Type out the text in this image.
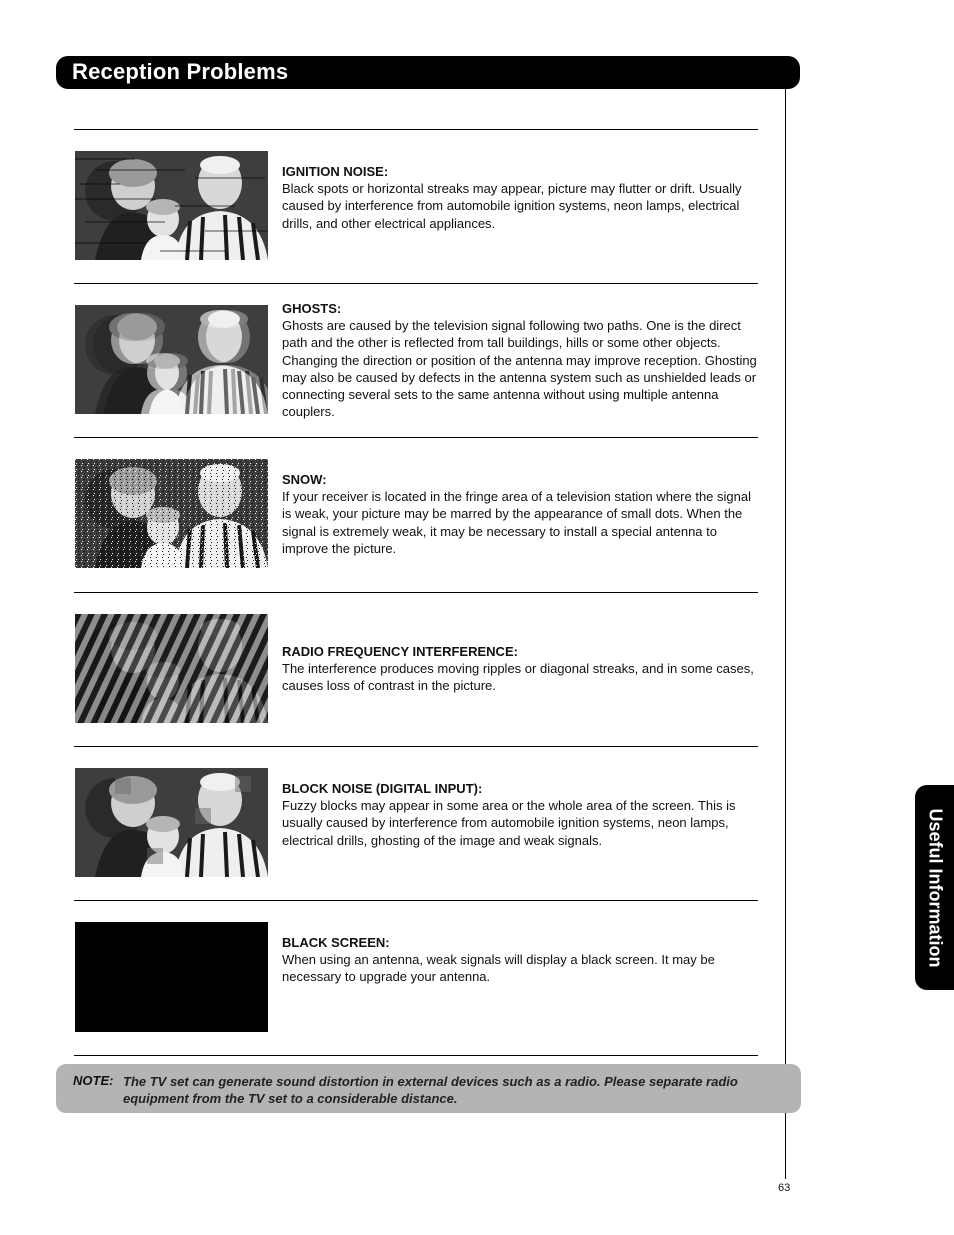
Reception Problems
Useful Information
IGNITION NOISE:
Black spots or horizontal streaks may appear, picture may flutter or drift. Usually caused by interference from automobile ignition systems, neon lamps, electrical drills, and other electrical appliances.
GHOSTS:
Ghosts are caused by the television signal following two paths. One is the direct path and the other is reflected from tall buildings, hills or some other objects. Changing the direction or position of the antenna may improve reception. Ghosting may also be caused by defects in the antenna system such as unshielded leads or connecting several sets to the same antenna without using multiple antenna couplers.
SNOW:
If your receiver is located in the fringe area of a television station where the signal is weak, your picture may be marred by the appearance of small dots. When the signal is extremely weak, it may be necessary to install a special antenna to improve the picture.
RADIO FREQUENCY INTERFERENCE:
The interference produces moving ripples or diagonal streaks, and in some cases, causes loss of contrast in the picture.
BLOCK NOISE (DIGITAL INPUT):
Fuzzy blocks may appear in some area or the whole area of the screen. This is usually caused by interference from automobile ignition systems, neon lamps, electrical drills, ghosting of the image and weak signals.
BLACK SCREEN:
When using an antenna, weak signals will display a black screen. It may be necessary to upgrade your antenna.
NOTE: The TV set can generate sound distortion in external devices such as a radio. Please separate radio equipment from the TV set to a considerable distance.
63
